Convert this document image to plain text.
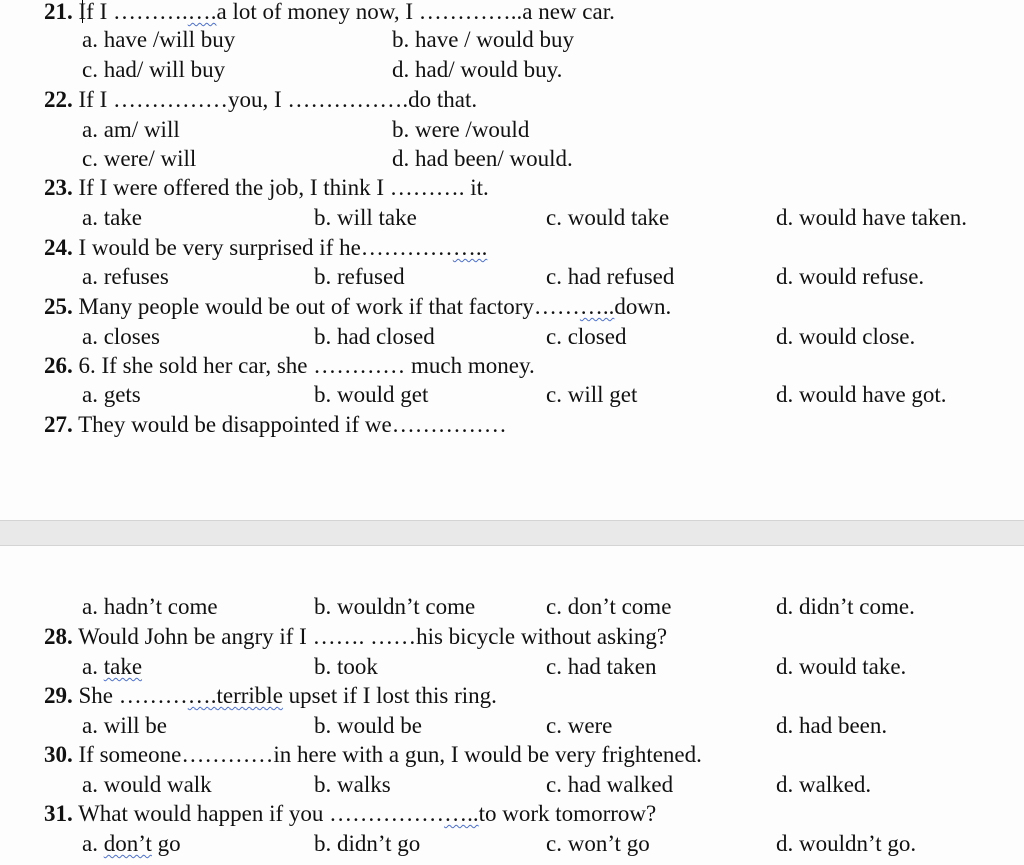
21. If I ……….….a lot of money now, I …………..a new car.
a. have /will buy	b. have / would buy
c. had/ will buy	d. had/ would buy.
22. If I ……………you, I …………….do that.
a. am/ will	b. were /would
c. were/ will	d. had been/ would.
23. If I were offered the job, I think I ………. it.
a. take	b. will take	c. would take	d. would have taken.
24. I would be very surprised if he……………..
a. refuses	b. refused	c. had refused	d. would refuse.
25. Many people would be out of work if that factory………..down.
a. closes	b. had closed	c. closed	d. would close.
26. 6. If she sold her car, she ………… much money.
a. gets	b. would get	c. will get	d. would have got.
27. They would be disappointed if we……………
a. hadn’t come	b. wouldn’t come	c. don’t come	d. didn’t come.
28. Would John be angry if I ……. ……his bicycle without asking?
a. take	b. took	c. had taken	d. would take.
29. She ………….terrible upset if I lost this ring.
a. will be	b. would be	c. were	d. had been.
30. If someone…………in here with a gun, I would be very frightened.
a. would walk	b. walks	c. had walked	d. walked.
31. What would happen if you ………………..to work tomorrow?
a. don’t go	b. didn’t go	c. won’t go	d. wouldn’t go.
